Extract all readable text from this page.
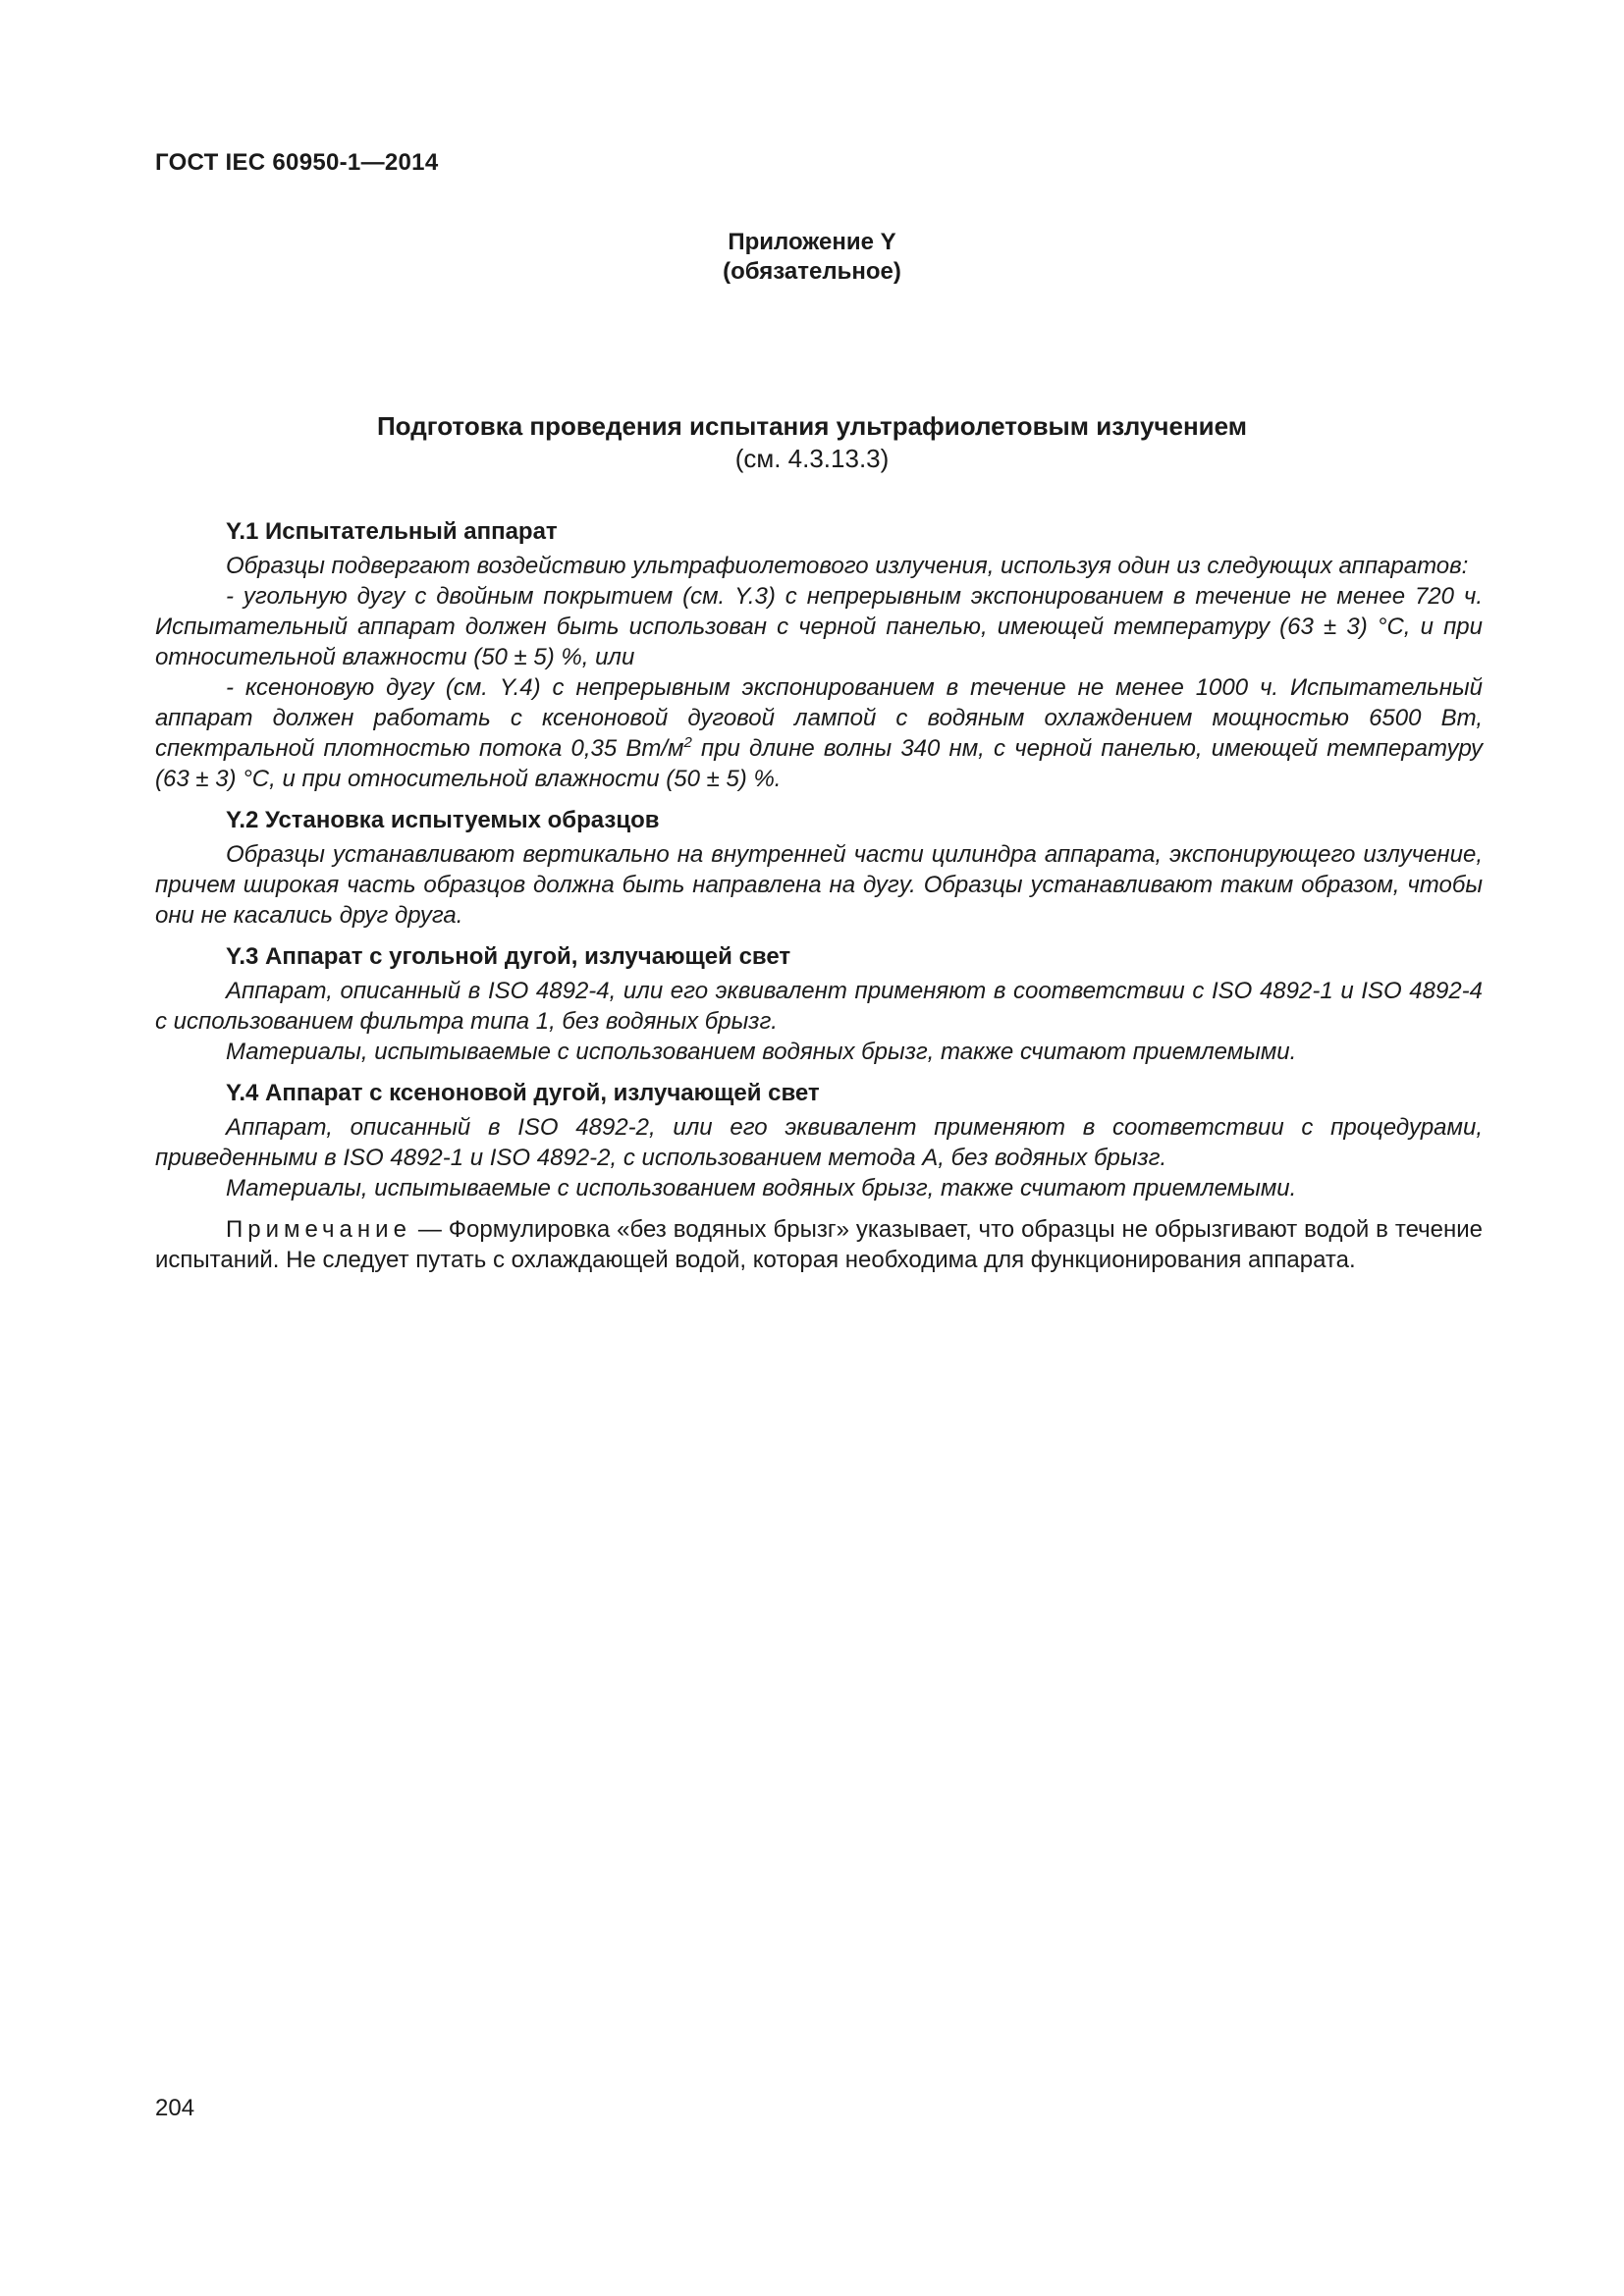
ГОСТ IEC 60950-1—2014
Приложение Y
(обязательное)
Подготовка проведения испытания ультрафиолетовым излучением
(см. 4.3.13.3)
Y.1 Испытательный аппарат
Образцы подвергают воздействию ультрафиолетового излучения, используя один из следующих аппаратов:
- угольную дугу с двойным покрытием (см. Y.3) с непрерывным экспонированием в течение не менее 720 ч. Испытательный аппарат должен быть использован с черной панелью, имеющей температуру (63 ± 3) °С, и при относительной влажности (50 ± 5) %, или
- ксеноновую дугу (см. Y.4) с непрерывным экспонированием в течение не менее 1000 ч. Испытательный аппарат должен работать с ксеноновой дуговой лампой с водяным охлаждением мощностью 6500 Вт, спектральной плотностью потока 0,35 $Вт/м^2$ при длине волны 340 нм, с черной панелью, имеющей температуру (63 ± 3) °С, и при относительной влажности (50 ± 5) %.
Y.2 Установка испытуемых образцов
Образцы устанавливают вертикально на внутренней части цилиндра аппарата, экспонирующего излучение, причем широкая часть образцов должна быть направлена на дугу. Образцы устанавливают таким образом, чтобы они не касались друг друга.
Y.3 Аппарат с угольной дугой, излучающей свет
Аппарат, описанный в ISO 4892-4, или его эквивалент применяют в соответствии с ISO 4892-1 и ISO 4892-4 с использованием фильтра типа 1, без водяных брызг.
Материалы, испытываемые с использованием водяных брызг, также считают приемлемыми.
Y.4 Аппарат с ксеноновой дугой, излучающей свет
Аппарат, описанный в ISO 4892-2, или его эквивалент применяют в соответствии с процедурами, приведенными в ISO 4892-1 и ISO 4892-2, с использованием метода А, без водяных брызг.
Материалы, испытываемые с использованием водяных брызг, также считают приемлемыми.
Примечание — Формулировка «без водяных брызг» указывает, что образцы не обрызгивают водой в течение испытаний. Не следует путать с охлаждающей водой, которая необходима для функционирования аппарата.
204
